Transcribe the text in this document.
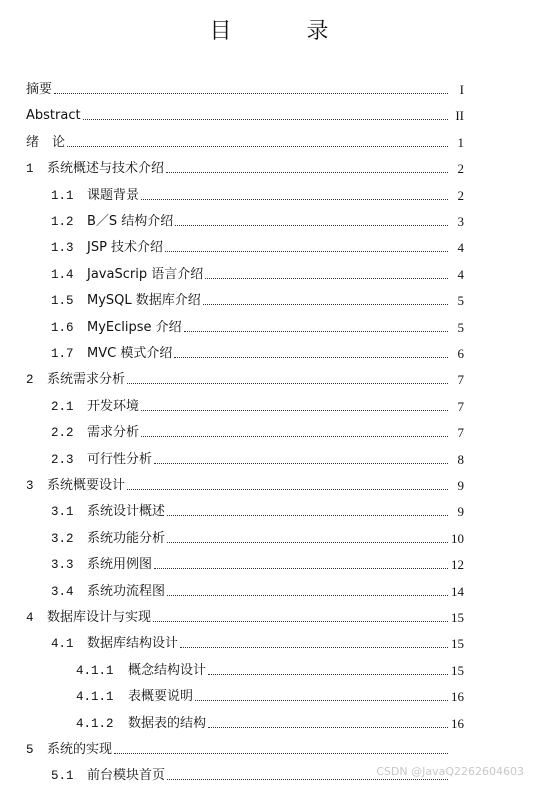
目 录
摘要	I
Abstract	II
绪　论	1
1	系统概述与技术介绍	2
1.1	课题背景	2
1.2	B／S 结构介绍	3
1.3	JSP 技术介绍	4
1.4	JavaScrip 语言介绍	4
1.5	MySQL 数据库介绍	5
1.6	MyEclipse 介绍	5
1.7	MVC 模式介绍	6
2	系统需求分析	7
2.1	开发环境	7
2.2	需求分析	7
2.3	可行性分析	8
3	系统概要设计	9
3.1	系统设计概述	9
3.2	系统功能分析	10
3.3	系统用例图	12
3.4	系统功流程图	14
4	数据库设计与实现	15
4.1	数据库结构设计	15
4.1.1	概念结构设计	15
4.1.1	表概要说明	16
4.1.2	数据表的结构	16
5	系统的实现
5.1	前台模块首页	CSDN @JavaQ2262604603
